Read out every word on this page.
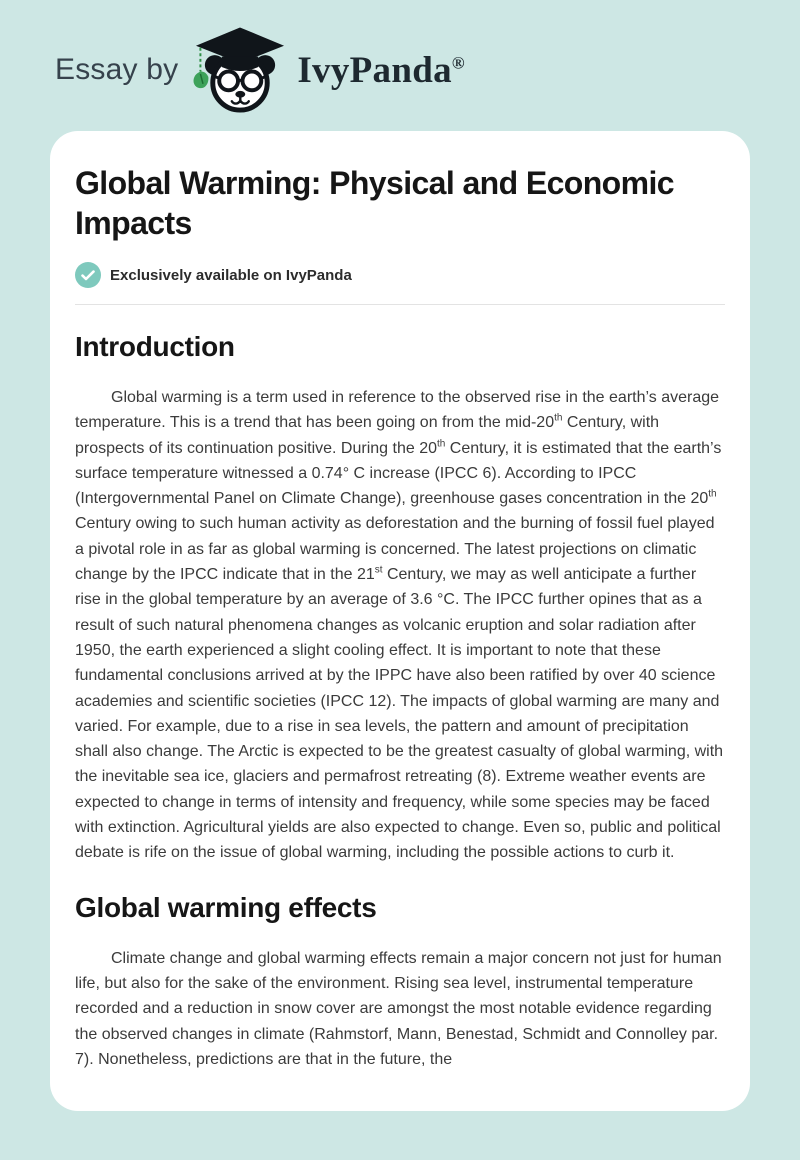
Essay by	IvyPanda®
Global Warming: Physical and Economic
Impacts
Exclusively available on IvyPanda
Introduction

Global warming is a term used in reference to the observed rise in the earth’s average temperature. This is a trend that has been going on from the mid-20th Century, with prospects of its continuation positive. During the 20th Century, it is estimated that the earth’s surface temperature witnessed a 0.74° C increase (IPCC 6). According to IPCC (Intergovernmental Panel on Climate Change), greenhouse gases concentration in the 20th Century owing to such human activity as deforestation and the burning of fossil fuel played a pivotal role in as far as global warming is concerned. The latest projections on climatic change by the IPCC indicate that in the 21st Century, we may as well anticipate a further rise in the global temperature by an average of 3.6 °C. The IPCC further opines that as a result of such natural phenomena changes as volcanic eruption and solar radiation after 1950, the earth experienced a slight cooling effect. It is important to note that these fundamental conclusions arrived at by the IPPC have also been ratified by over 40 science academies and scientific societies (IPCC 12). The impacts of global warming are many and varied. For example, due to a rise in sea levels, the pattern and amount of precipitation shall also change. The Arctic is expected to be the greatest casualty of global warming, with the inevitable sea ice, glaciers and permafrost retreating (8). Extreme weather events are expected to change in terms of intensity and frequency, while some species may be faced with extinction. Agricultural yields are also expected to change. Even so, public and political debate is rife on the issue of global warming, including the possible actions to curb it.

Global warming effects

Climate change and global warming effects remain a major concern not just for human life, but also for the sake of the environment. Rising sea level, instrumental temperature recorded and a reduction in snow cover are amongst the most notable evidence regarding the observed changes in climate (Rahmstorf, Mann, Benestad, Schmidt and Connolley par. 7). Nonetheless, predictions are that in the future, the
